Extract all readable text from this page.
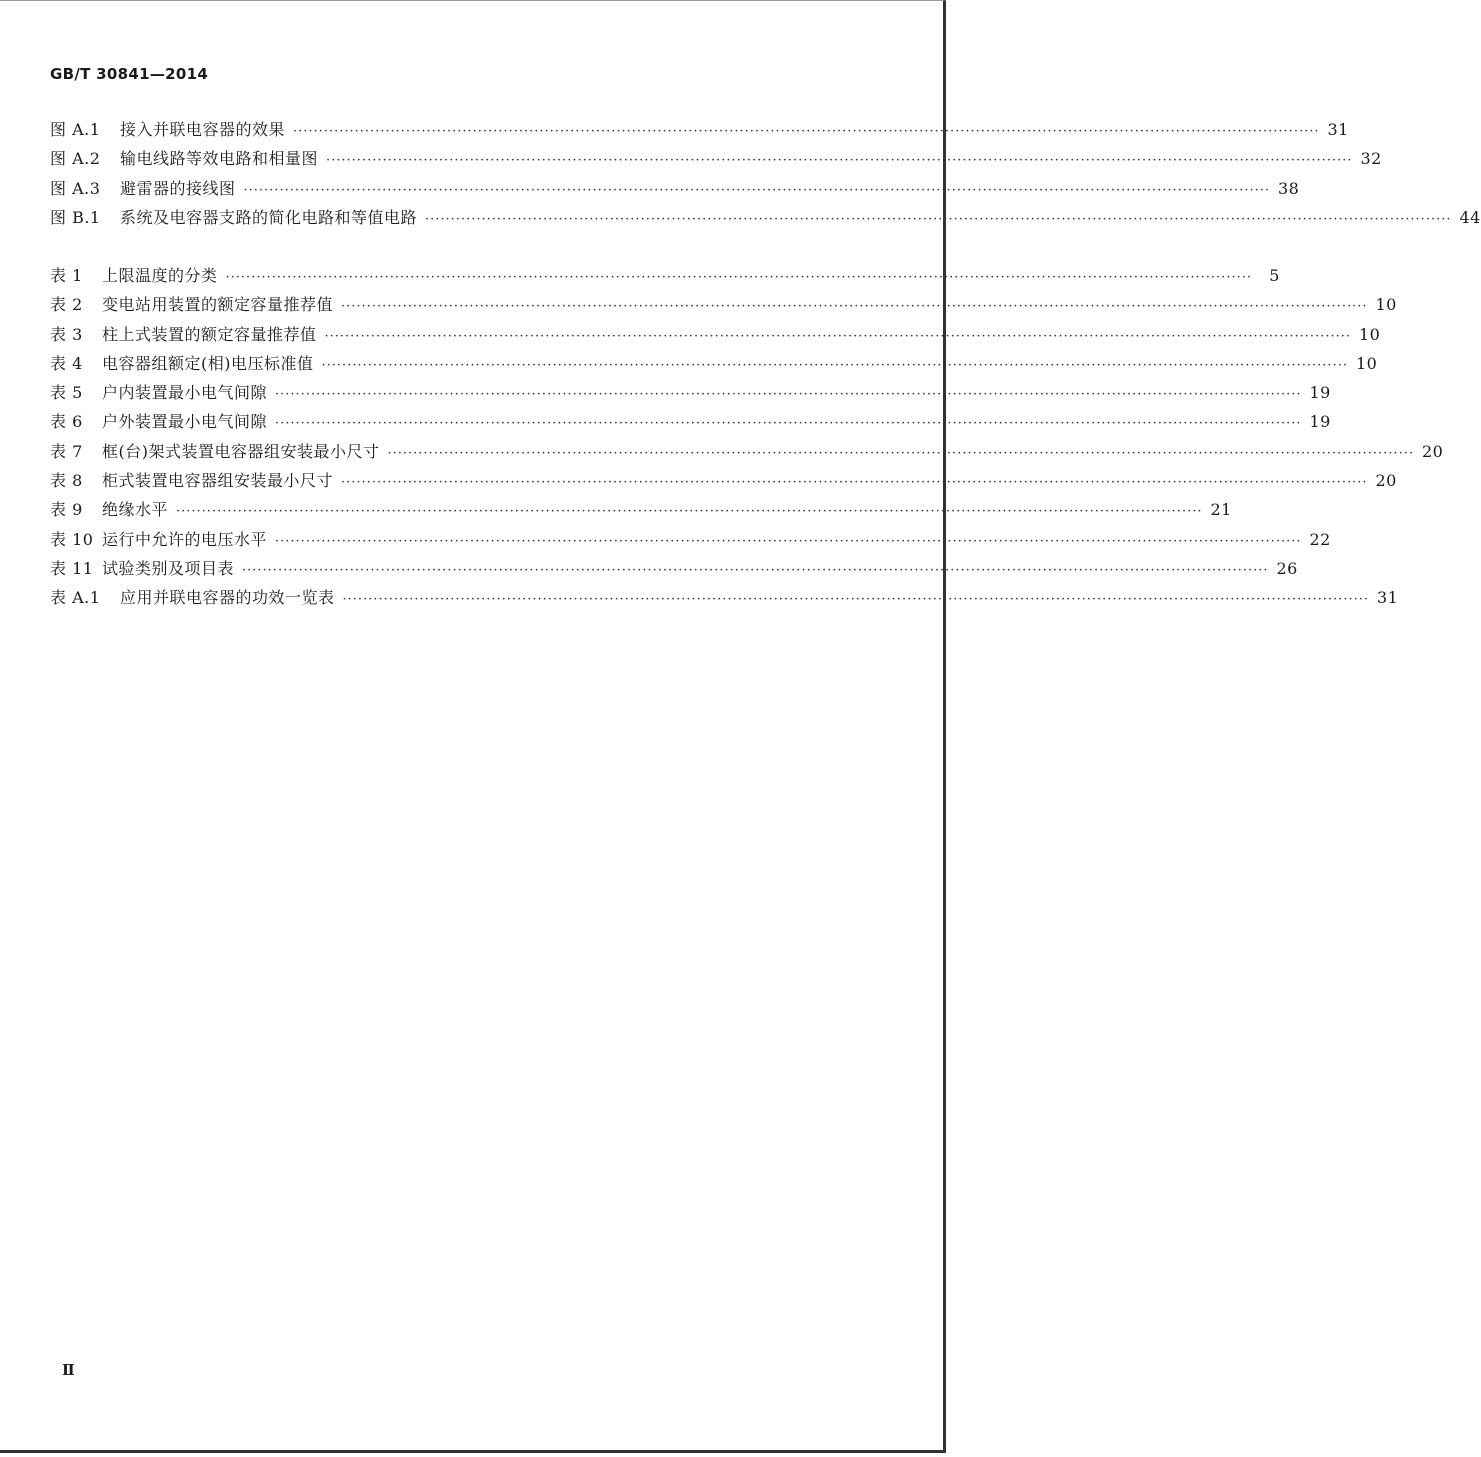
GB/T 30841—2014
图 A.1	接入并联电容器的效果 ········································································································································································································ 31
图 A.2	输电线路等效电路和相量图 ········································································································································································································ 32
图 A.3	避雷器的接线图 ········································································································································································································ 38
图 B.1	系统及电容器支路的简化电路和等值电路 ········································································································································································································ 44
表 1	上限温度的分类 ········································································································································································································	5
表 2	变电站用装置的额定容量推荐值 ········································································································································································································ 10
表 3	柱上式装置的额定容量推荐值 ········································································································································································································ 10
表 4	电容器组额定(相)电压标准值 ········································································································································································································ 10
表 5	户内装置最小电气间隙 ········································································································································································································ 19
表 6	户外装置最小电气间隙 ········································································································································································································ 19
表 7	框(台)架式装置电容器组安装最小尺寸 ········································································································································································································ 20
表 8	柜式装置电容器组安装最小尺寸 ········································································································································································································ 20
表 9	绝缘水平 ········································································································································································································ 21
表 10 运行中允许的电压水平 ········································································································································································································ 22
表 11 试验类别及项目表 ········································································································································································································ 26
表 A.1	应用并联电容器的功效一览表 ········································································································································································································ 31
Ⅱ
